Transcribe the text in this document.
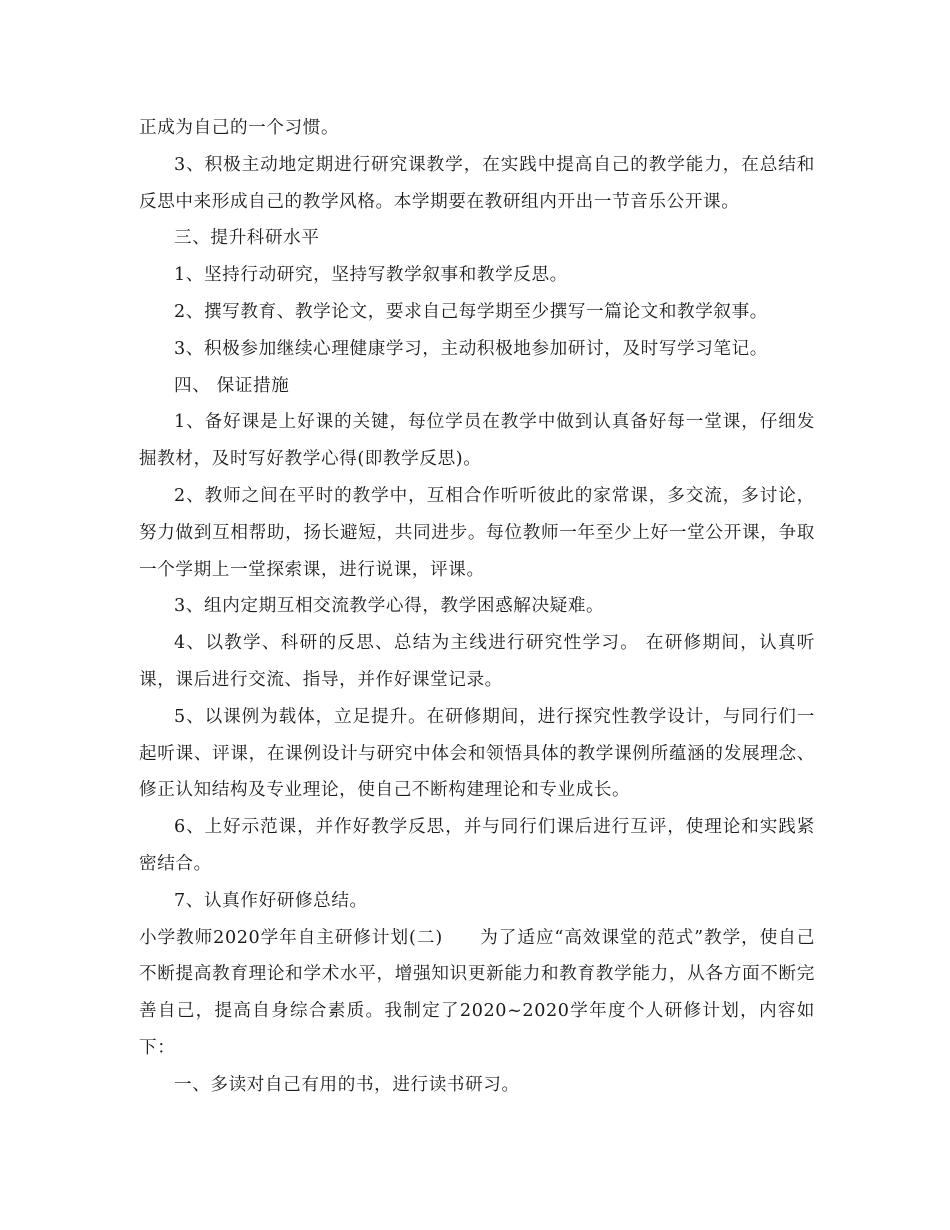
正成为自己的一个习惯。

3、积极主动地定期进行研究课教学，在实践中提高自己的教学能力，在总结和反思中来形成自己的教学风格。本学期要在教研组内开出一节音乐公开课。

三、提升科研水平

1、坚持行动研究，坚持写教学叙事和教学反思。

2、撰写教育、教学论文，要求自己每学期至少撰写一篇论文和教学叙事。

3、积极参加继续心理健康学习，主动积极地参加研讨，及时写学习笔记。

四、 保证措施

1、备好课是上好课的关键，每位学员在教学中做到认真备好每一堂课，仔细发掘教材，及时写好教学心得(即教学反思)。

2、教师之间在平时的教学中，互相合作听听彼此的家常课，多交流，多讨论，努力做到互相帮助，扬长避短，共同进步。每位教师一年至少上好一堂公开课，争取一个学期上一堂探索课，进行说课，评课。

3、组内定期互相交流教学心得，教学困惑解决疑难。

4、以教学、科研的反思、总结为主线进行研究性学习。 在研修期间，认真听课，课后进行交流、指导，并作好课堂记录。

5、以课例为载体，立足提升。在研修期间，进行探究性教学设计，与同行们一起听课、评课，在课例设计与研究中体会和领悟具体的教学课例所蕴涵的发展理念、修正认知结构及专业理论，使自己不断构建理论和专业成长。

6、上好示范课，并作好教学反思，并与同行们课后进行互评，使理论和实践紧密结合。

7、认真作好研修总结。

小学教师2020学年自主研修计划(二)　　为了适应“高效课堂的范式”教学，使自己不断提高教育理论和学术水平，增强知识更新能力和教育教学能力，从各方面不断完善自己，提高自身综合素质。我制定了2020~2020学年度个人研修计划，内容如下：

一、多读对自己有用的书，进行读书研习。
